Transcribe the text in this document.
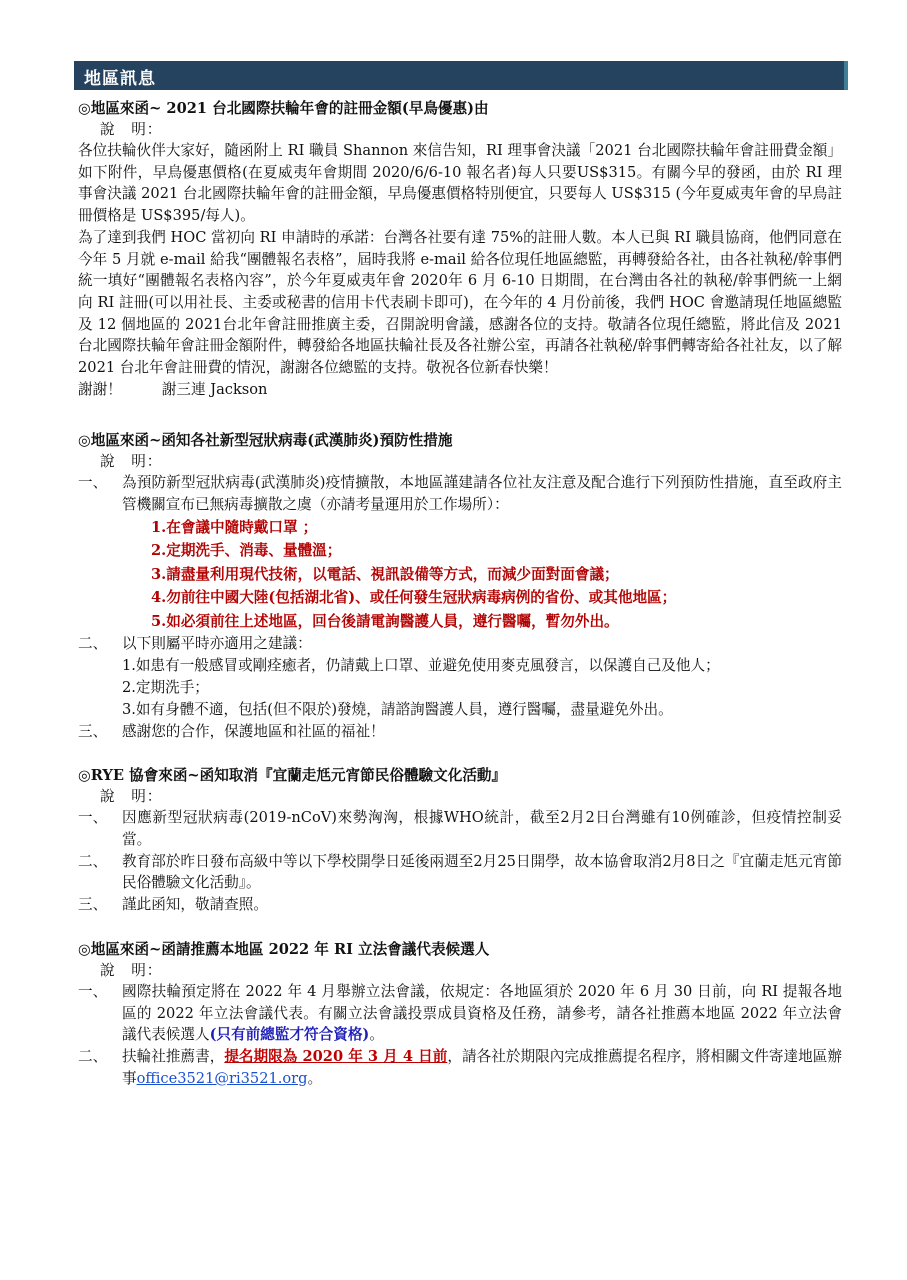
地區訊息
◎地區來函~ 2021 台北國際扶輪年會的註冊金額(早鳥優惠)由
說　明：

各位扶輪伙伴大家好，隨函附上 RI 職員 Shannon 來信告知，RI 理事會決議「2021 台北國際扶輪年會註冊費金額」如下附件，早鳥優惠價格(在夏威夷年會期間 2020/6/6-10 報名者)每人只要US$315。有關今早的發函，由於 RI 理事會決議 2021 台北國際扶輪年會的註冊金額，早鳥優惠價格特別便宜，只要每人 US$315 (今年夏威夷年會的早鳥註冊價格是 US$395/每人)。

為了達到我們 HOC 當初向 RI 申請時的承諾：台灣各社要有達 75%的註冊人數。本人已與 RI 職員協商，他們同意在今年 5 月就 e-mail 給我“團體報名表格”，屆時我將 e-mail 給各位現任地區總監，再轉發給各社，由各社執秘/幹事們統一填好“團體報名表格內容”，於今年夏威夷年會 2020年 6 月 6-10 日期間，在台灣由各社的執秘/幹事們統一上網向 RI 註冊(可以用社長、主委或秘書的信用卡代表刷卡即可)，在今年的 4 月份前後，我們 HOC 會邀請現任地區總監及 12 個地區的 2021台北年會註冊推廣主委，召開說明會議，感謝各位的支持。敬請各位現任總監，將此信及 2021台北國際扶輪年會註冊金額附件，轉發給各地區扶輪社長及各社辦公室，再請各社執秘/幹事們轉寄給各社社友，以了解 2021 台北年會註冊費的情況，謝謝各位總監的支持。敬祝各位新春快樂！

謝謝！	謝三連 Jackson
◎地區來函~函知各社新型冠狀病毒(武漢肺炎)預防性措施
說　明：
一、 為預防新型冠狀病毒(武漢肺炎)疫情擴散，本地區謹建請各位社友注意及配合進行下列預防性措施，直至政府主管機關宣布已無病毒擴散之虞（亦請考量運用於工作場所）：
1.在會議中隨時戴口罩 ；
2.定期洗手、消毒、量體溫；
3.請盡量利用現代技術，以電話、視訊設備等方式，而減少面對面會議；
4.勿前往中國大陸(包括湖北省)、或任何發生冠狀病毒病例的省份、或其他地區；
5.如必須前往上述地區，回台後請電詢醫護人員，遵行醫囑，暫勿外出。
二、 以下則屬平時亦適用之建議：
1.如患有一般感冒或剛痊癒者，仍請戴上口罩、並避免使用麥克風發言，以保護自己及他人；
2.定期洗手；
3.如有身體不適，包括(但不限於)發燒，請諮詢醫護人員，遵行醫囑，盡量避免外出。
三、 感謝您的合作，保護地區和社區的福祉！
◎RYE 協會來函~函知取消『宜蘭走尪元宵節民俗體驗文化活動』
說　明：
一、 因應新型冠狀病毒(2019-nCoV)來勢洶洶，根據WHO統計，截至2月2日台灣雖有10例確診，但疫情控制妥當。
二、 教育部於昨日發布高級中等以下學校開學日延後兩週至2月25日開學，故本協會取消2月8日之『宜蘭走尪元宵節民俗體驗文化活動』。
三、 謹此函知，敬請查照。
◎地區來函~函請推薦本地區 2022 年 RI 立法會議代表候選人
說　明：
一、 國際扶輪預定將在 2022 年 4 月舉辦立法會議，依規定：各地區須於 2020 年 6 月 30 日前，向 RI 提報各地區的 2022 年立法會議代表。有關立法會議投票成員資格及任務，請參考，請各社推薦本地區 2022 年立法會議代表候選人(只有前總監才符合資格)。
二、 扶輪社推薦書，提名期限為 2020 年 3 月 4 日前，請各社於期限內完成推薦提名程序，將相關文件寄達地區辦事office3521@ri3521.org。
